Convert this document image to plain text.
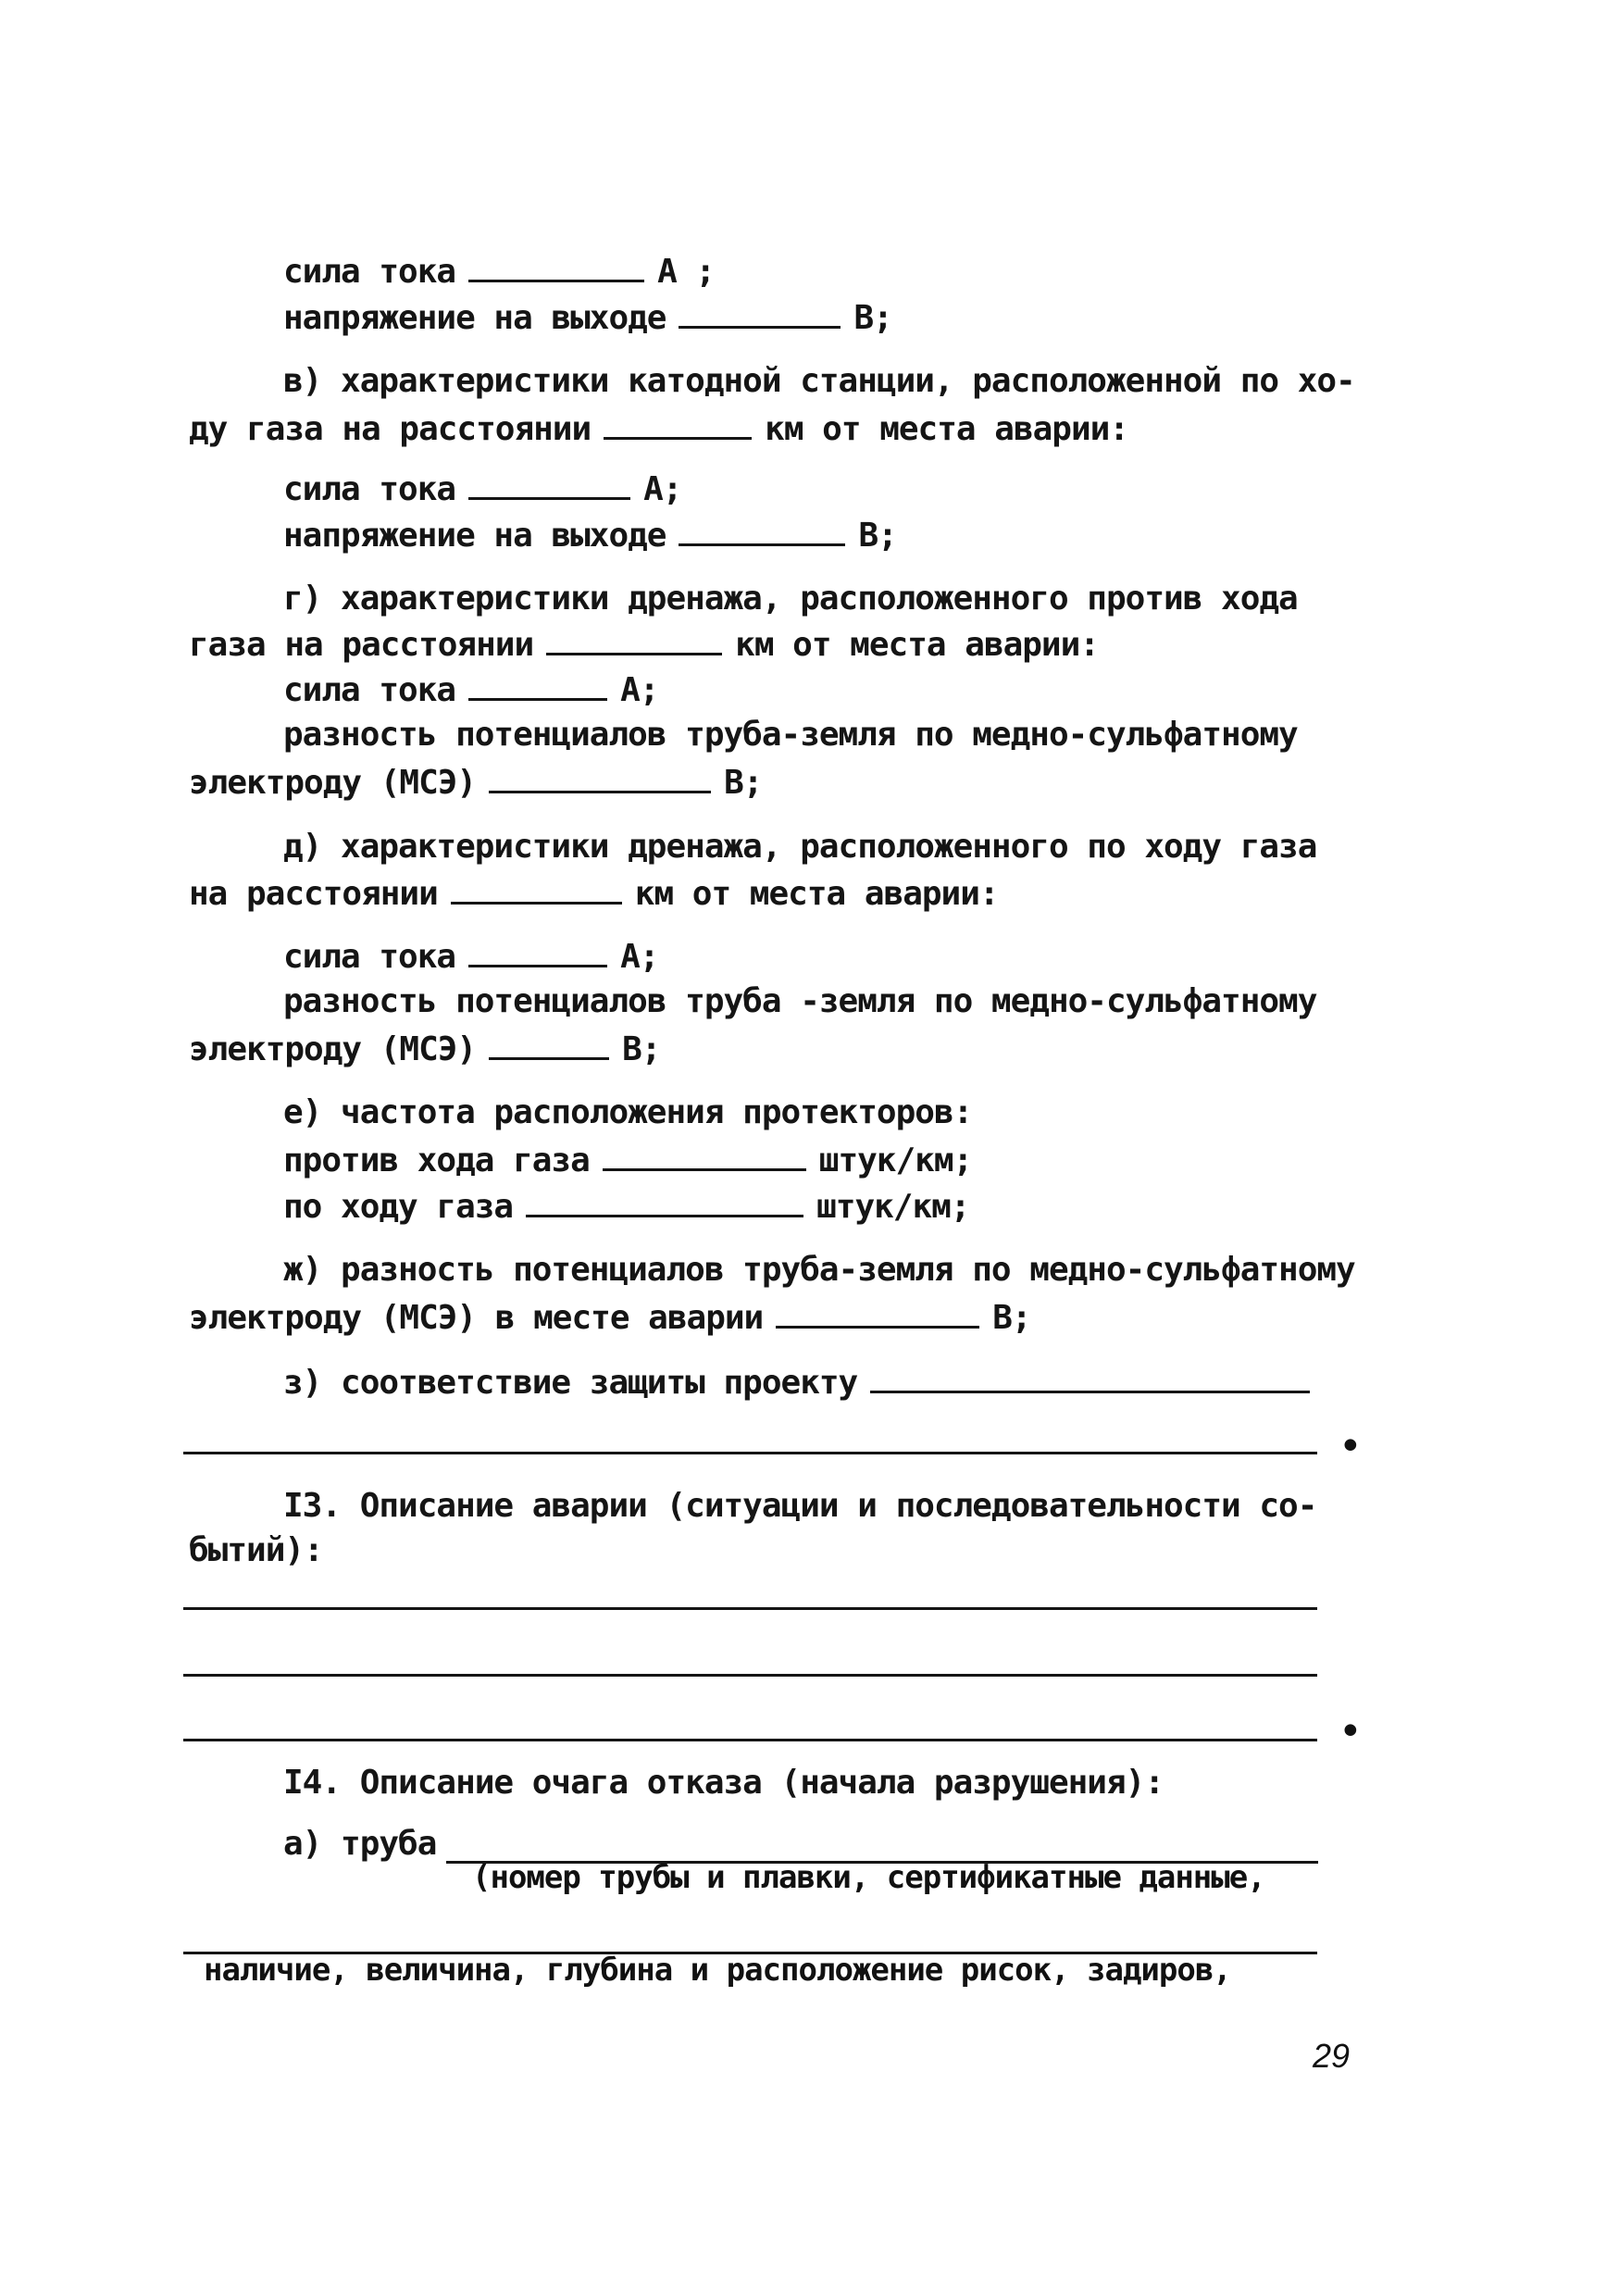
сила тока	А ;
напряжение на выходе	В;
в) характеристики катодной станции, расположенной по хо-
ду газа на расстоянии	км от места аварии:
сила тока	А;
напряжение на выходе	В;
г) характеристики дренажа, расположенного против хода
газа на расстоянии	км от места аварии:
сила тока	А;
разность потенциалов труба-земля по медно-сульфатному
электроду (МСЭ)	В;
д) характеристики дренажа, расположенного по ходу газа
на расстоянии	км от места аварии:
сила тока	А;
разность потенциалов труба -земля по медно-сульфатному
электроду (МСЭ)	В;
е) частота расположения протекторов:
против хода газа	штук/км;
по ходу газа	штук/км;
ж) разность потенциалов труба-земля по медно-сульфатному
электроду (МСЭ) в месте аварии	В;
з) соответствие защиты проекту
•
I3. Описание аварии (ситуации и последовательности со-
бытий):
•
I4. Описание очага отказа (начала разрушения):
а) труба
(номер трубы и плавки, сертификатные данные,
наличие, величина, глубина и расположение рисок, задиров,
29
